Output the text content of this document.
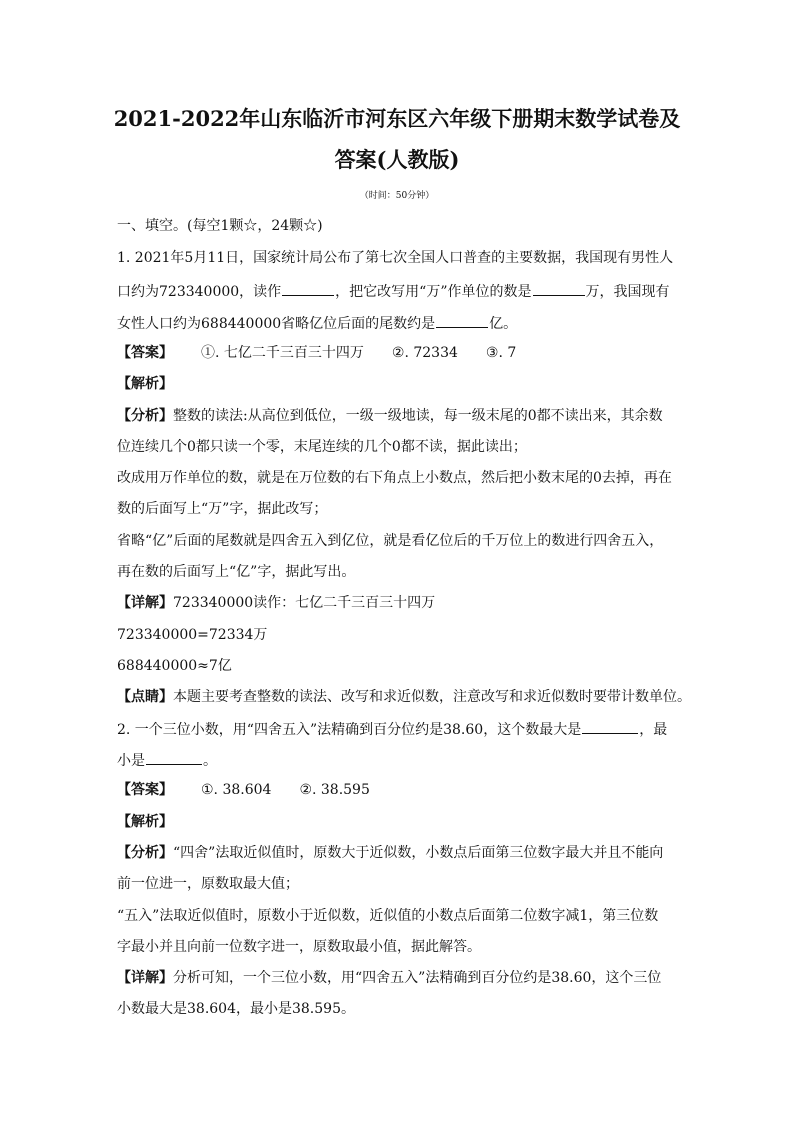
2021-2022年山东临沂市河东区六年级下册期末数学试卷及
答案(人教版)
（时间：50分钟）
一、填空。(每空1颗☆，24颗☆)
1. 2021年5月11日，国家统计局公布了第七次全国人口普查的主要数据，我国现有男性人
口约为723340000，读作	，把它改写用“万”作单位的数是	万，我国现有
女性人口约为688440000省略亿位后面的尾数约是	亿。
【答案】 ①. 七亿二千三百三十四万 ②. 72334 ③. 7
【解析】
【分析】整数的读法:从高位到低位，一级一级地读，每一级末尾的0都不读出来，其余数
位连续几个0都只读一个零，末尾连续的几个0都不读，据此读出；
改成用万作单位的数，就是在万位数的右下角点上小数点，然后把小数末尾的0去掉，再在
数的后面写上“万”字，据此改写；
省略“亿”后面的尾数就是四舍五入到亿位，就是看亿位后的千万位上的数进行四舍五入，
再在数的后面写上“亿”字，据此写出。
【详解】723340000读作：七亿二千三百三十四万
723340000=72334万
688440000≈7亿
【点睛】本题主要考查整数的读法、改写和求近似数，注意改写和求近似数时要带计数单位。
2. 一个三位小数，用“四舍五入”法精确到百分位约是38.60，这个数最大是	，最
小是	。
【答案】 ①. 38.604 ②. 38.595
【解析】
【分析】“四舍”法取近似值时，原数大于近似数，小数点后面第三位数字最大并且不能向
前一位进一，原数取最大值；
“五入”法取近似值时，原数小于近似数，近似值的小数点后面第二位数字减1，第三位数
字最小并且向前一位数字进一，原数取最小值，据此解答。
【详解】分析可知，一个三位小数，用“四舍五入”法精确到百分位约是38.60，这个三位
小数最大是38.604，最小是38.595。
